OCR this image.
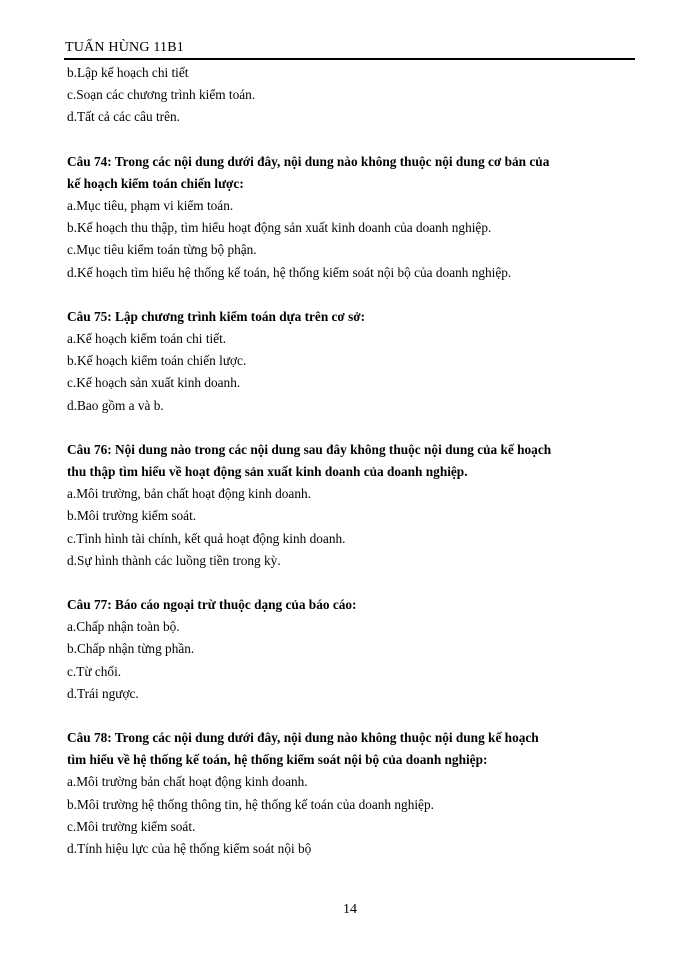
TUẤN HÙNG 11B1
b.Lập kế hoạch chi tiết
c.Soạn các chương trình kiểm toán.
d.Tất cả các câu trên.
Câu 74: Trong các nội dung dưới đây, nội dung nào không thuộc nội dung cơ bản của
kế hoạch kiểm toán chiến lược:
a.Mục tiêu, phạm vi kiểm toán.
b.Kế hoạch thu thập, tìm hiểu hoạt động sản xuất kinh doanh của doanh nghiệp.
c.Mục tiêu kiểm toán từng bộ phận.
d.Kế hoạch tìm hiểu hệ thống kế toán, hệ thống kiểm soát nội bộ của doanh nghiệp.
Câu 75: Lập chương trình kiểm toán dựa trên cơ sở:
a.Kế hoạch kiểm toán chi tiết.
b.Kế hoạch kiểm toán chiến lược.
c.Kế hoạch sản xuất kinh doanh.
d.Bao gồm a và b.
Câu 76: Nội dung nào trong các nội dung sau đây không thuộc nội dung của kế hoạch
thu thập tìm hiểu về hoạt động sản xuất kinh doanh của doanh nghiệp.
a.Môi trường, bản chất hoạt động kinh doanh.
b.Môi trường kiểm soát.
c.Tình hình tài chính, kết quả hoạt động kinh doanh.
d.Sự hình thành các luồng tiền trong kỳ.
Câu 77: Báo cáo ngoại trừ thuộc dạng của báo cáo:
a.Chấp nhận toàn bộ.
b.Chấp nhận từng phần.
c.Từ chối.
d.Trái ngược.
Câu 78: Trong các nội dung dưới đây, nội dung nào không thuộc nội dung kế hoạch
tìm hiểu về hệ thống kế toán, hệ thống kiểm soát nội bộ của doanh nghiệp:
a.Môi trường bản chất hoạt động kinh doanh.
b.Môi trường hệ thống thông tin, hệ thống kế toán của doanh nghiệp.
c.Môi trường kiểm soát.
d.Tính hiệu lực của hệ thống kiểm soát nội bộ
14
